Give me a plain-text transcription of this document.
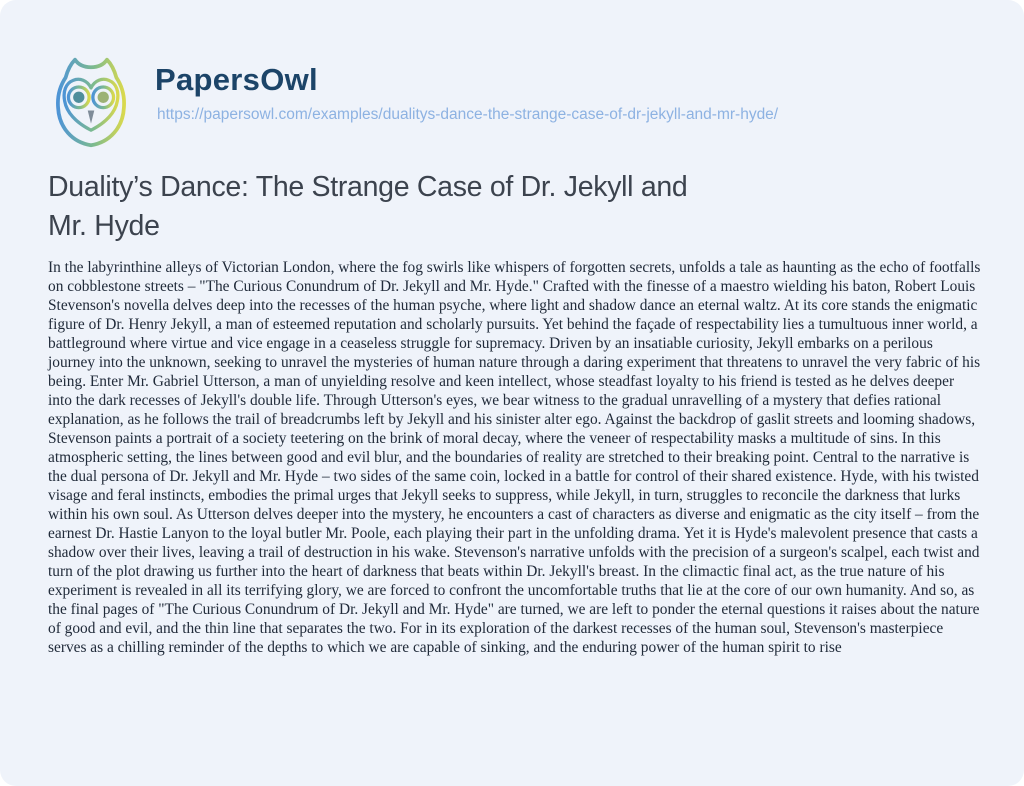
PapersOwl
https://papersowl.com/examples/dualitys-dance-the-strange-case-of-dr-jekyll-and-mr-hyde/
Duality’s Dance: The Strange Case of Dr. Jekyll and
Mr. Hyde

In the labyrinthine alleys of Victorian London, where the fog swirls like whispers of forgotten secrets, unfolds a tale as haunting as the echo of footfalls on cobblestone streets – "The Curious Conundrum of Dr. Jekyll and Mr. Hyde." Crafted with the finesse of a maestro wielding his baton, Robert Louis Stevenson's novella delves deep into the recesses of the human psyche, where light and shadow dance an eternal waltz. At its core stands the enigmatic figure of Dr. Henry Jekyll, a man of esteemed reputation and scholarly pursuits. Yet behind the façade of respectability lies a tumultuous inner world, a battleground where virtue and vice engage in a ceaseless struggle for supremacy. Driven by an insatiable curiosity, Jekyll embarks on a perilous journey into the unknown, seeking to unravel the mysteries of human nature through a daring experiment that threatens to unravel the very fabric of his being. Enter Mr. Gabriel Utterson, a man of unyielding resolve and keen intellect, whose steadfast loyalty to his friend is tested as he delves deeper into the dark recesses of Jekyll's double life. Through Utterson's eyes, we bear witness to the gradual unravelling of a mystery that defies rational explanation, as he follows the trail of breadcrumbs left by Jekyll and his sinister alter ego. Against the backdrop of gaslit streets and looming shadows, Stevenson paints a portrait of a society teetering on the brink of moral decay, where the veneer of respectability masks a multitude of sins. In this atmospheric setting, the lines between good and evil blur, and the boundaries of reality are stretched to their breaking point. Central to the narrative is the dual persona of Dr. Jekyll and Mr. Hyde – two sides of the same coin, locked in a battle for control of their shared existence. Hyde, with his twisted visage and feral instincts, embodies the primal urges that Jekyll seeks to suppress, while Jekyll, in turn, struggles to reconcile the darkness that lurks within his own soul. As Utterson delves deeper into the mystery, he encounters a cast of characters as diverse and enigmatic as the city itself – from the earnest Dr. Hastie Lanyon to the loyal butler Mr. Poole, each playing their part in the unfolding drama. Yet it is Hyde's malevolent presence that casts a shadow over their lives, leaving a trail of destruction in his wake. Stevenson's narrative unfolds with the precision of a surgeon's scalpel, each twist and turn of the plot drawing us further into the heart of darkness that beats within Dr. Jekyll's breast. In the climactic final act, as the true nature of his experiment is revealed in all its terrifying glory, we are forced to confront the uncomfortable truths that lie at the core of our own humanity. And so, as the final pages of "The Curious Conundrum of Dr. Jekyll and Mr. Hyde" are turned, we are left to ponder the eternal questions it raises about the nature of good and evil, and the thin line that separates the two. For in its exploration of the darkest recesses of the human soul, Stevenson's masterpiece serves as a chilling reminder of the depths to which we are capable of sinking, and the enduring power of the human spirit to rise
